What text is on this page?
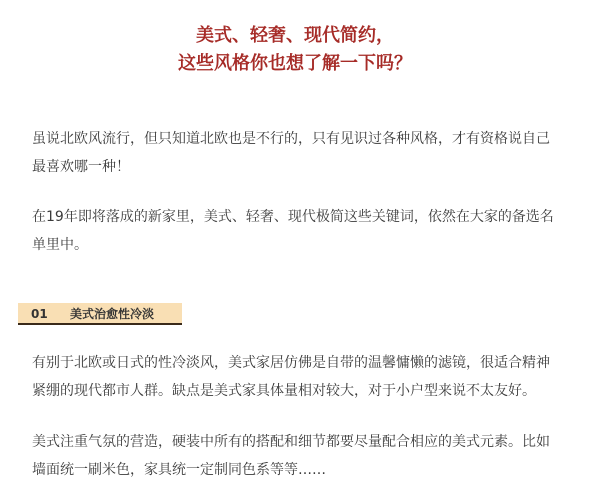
美式、轻奢、现代简约，
这些风格你也想了解一下吗？
虽说北欧风流行，但只知道北欧也是不行的，只有见识过各种风格，才有资格说自己
最喜欢哪一种！
在19年即将落成的新家里，美式、轻奢、现代极简这些关键词，依然在大家的备选名
单里中。
01 美式治愈性冷淡
有别于北欧或日式的性冷淡风，美式家居仿佛是自带的温馨慵懒的滤镜，很适合精神
紧绷的现代都市人群。缺点是美式家具体量相对较大，对于小户型来说不太友好。
美式注重气氛的营造，硬装中所有的搭配和细节都要尽量配合相应的美式元素。比如
墙面统一刷米色，家具统一定制同色系等等……
